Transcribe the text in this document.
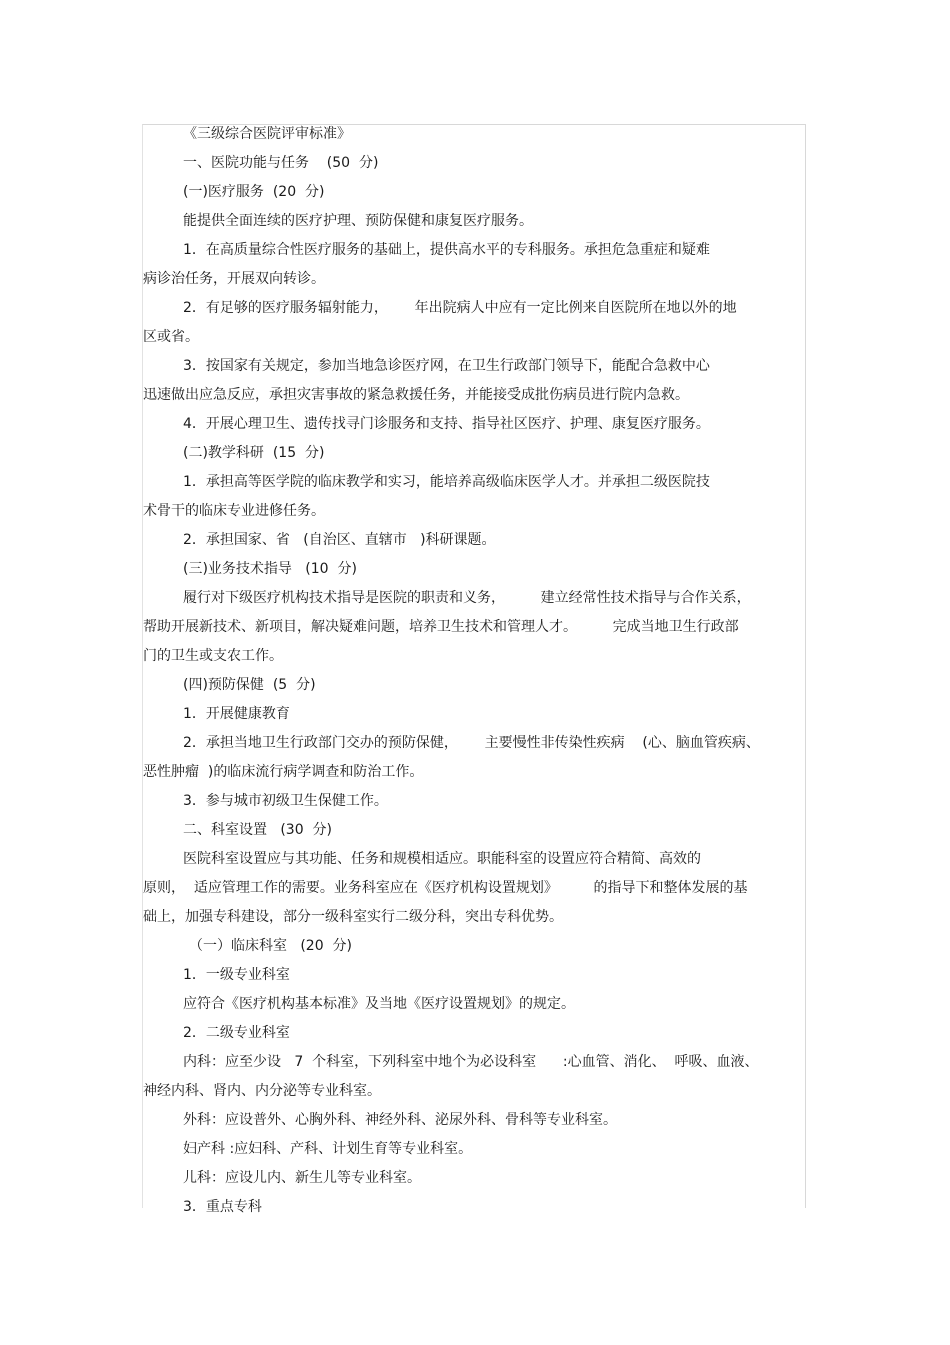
《三级综合医院评审标准》

一、医院功能与任务    (50  分)

(一)医疗服务  (20  分)

能提供全面连续的医疗护理、预防保健和康复医疗服务。

1．在高质量综合性医疗服务的基础上，提供高水平的专科服务。承担危急重症和疑难

病诊治任务，开展双向转诊。

2．有足够的医疗服务辐射能力，      年出院病人中应有一定比例来自医院所在地以外的地

区或省。

3．按国家有关规定，参加当地急诊医疗网，在卫生行政部门领导下，能配合急救中心

迅速做出应急反应，承担灾害事故的紧急救援任务，并能接受成批伤病员进行院内急救。

4．开展心理卫生、遗传找寻门诊服务和支持、指导社区医疗、护理、康复医疗服务。

(二)教学科研  (15  分)

1．承担高等医学院的临床教学和实习，能培养高级临床医学人才。并承担二级医院技

术骨干的临床专业进修任务。

2．承担国家、省   (自治区、直辖市   )科研课题。

(三)业务技术指导   (10  分)

履行对下级医疗机构技术指导是医院的职责和义务，        建立经常性技术指导与合作关系，

帮助开展新技术、新项目，解决疑难问题，培养卫生技术和管理人才。        完成当地卫生行政部

门的卫生或支农工作。

(四)预防保健  (5  分)

1．开展健康教育

2．承担当地卫生行政部门交办的预防保健，      主要慢性非传染性疾病    (心、脑血管疾病、

恶性肿瘤  )的临床流行病学调查和防治工作。

3．参与城市初级卫生保健工作。

二、科室设置   (30  分)

医院科室设置应与其功能、任务和规模相适应。职能科室的设置应符合精简、高效的

原则，  适应管理工作的需要。业务科室应在《医疗机构设置规划》        的指导下和整体发展的基

础上，加强专科建设，部分一级科室实行二级分科，突出专科优势。

（一）临床科室   (20  分)

1．一级专业科室

应符合《医疗机构基本标准》及当地《医疗设置规划》的规定。

2．二级专业科室

内科：应至少设   7  个科室，下列科室中地个为必设科室      :心血管、消化、  呼吸、血液、

神经内科、肾内、内分泌等专业科室。

外科：应设普外、心胸外科、神经外科、泌尿外科、骨科等专业科室。

妇产科 :应妇科、产科、计划生育等专业科室。

儿科：应设儿内、新生儿等专业科室。

3．重点专科
